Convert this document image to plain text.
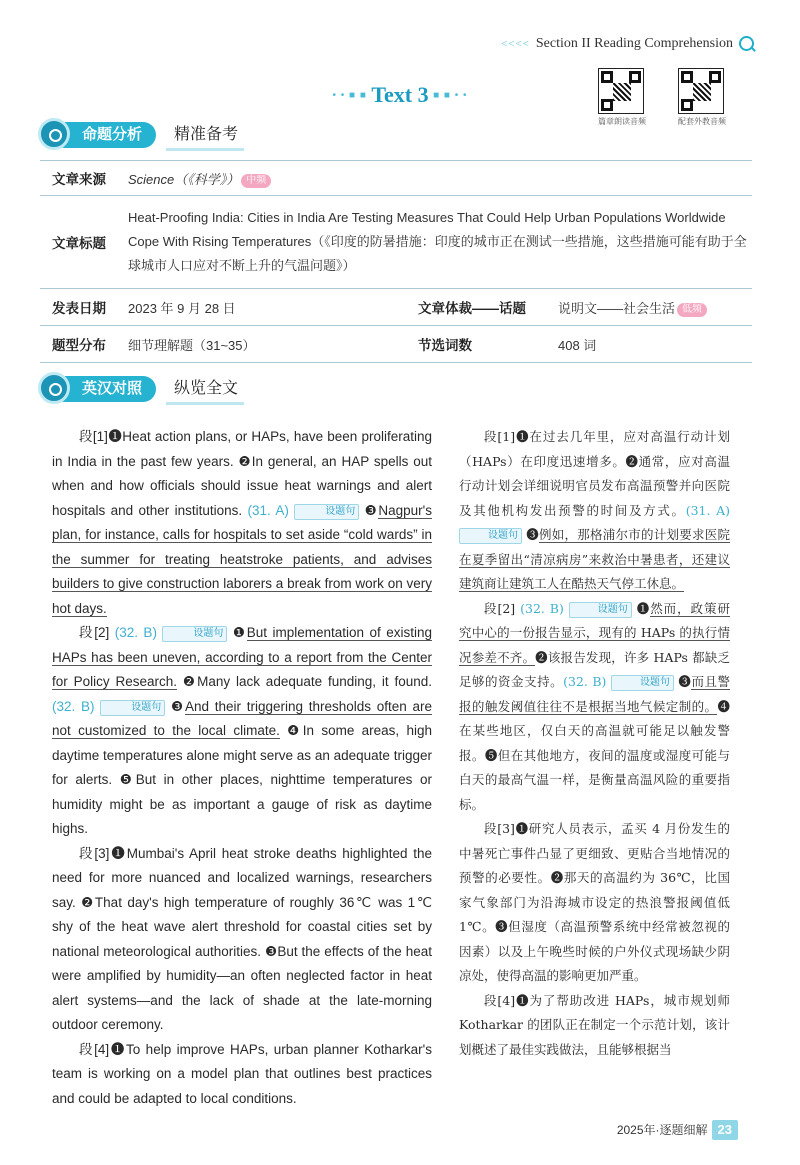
<<<< Section II Reading Comprehension
• • ■ ■ Text 3 ■ ■ • •
篇章朗读音频	配套外教音频
命题分析	精准备考
文章来源	Science（《科学》） 中频
文章标题
Heat-Proofing India: Cities in India Are Testing Measures That Could Help Urban Populations Worldwide Cope With Rising Temperatures（《印度的防暑措施：印度的城市正在测试一些措施，这些措施可能有助于全球城市人口应对不断上升的气温问题》）
发表日期	2023 年 9 月 28 日	文章体裁——话题	说明文——社会生活 低频
题型分布	细节理解题（31~35）	节选词数	408 词
英汉对照	纵览全文

段[1]❶Heat action plans, or HAPs, have been proliferating in India in the past few years. ❷In general, an HAP spells out when and how officials should issue heat warnings and alert hospitals and other institutions. (31. A)	设题句 ❸Nagpur's plan, for instance, calls for hospitals to set aside “cold wards” in the summer for treating heatstroke patients, and advises builders to give construction laborers a break from work on very hot days.

段[2] (32. B)	设题句 ❶But implementation of existing HAPs has been uneven, according to a report from the Center for Policy Research. ❷Many lack adequate funding, it found. (32. B)	设题句 ❸And their triggering thresholds often are not customized to the local climate. ❹In some areas, high daytime temperatures alone might serve as an adequate trigger for alerts. ❺But in other places, nighttime temperatures or humidity might be as important a gauge of risk as daytime highs.

段[3]❶Mumbai's April heat stroke deaths highlighted the need for more nuanced and localized warnings, researchers say. ❷That day's high temperature of roughly 36℃ was 1℃ shy of the heat wave alert threshold for coastal cities set by national meteorological authorities. ❸But the effects of the heat were amplified by humidity—an often neglected factor in heat alert systems—and the lack of shade at the late-morning outdoor ceremony.

段[4]❶To help improve HAPs, urban planner Kotharkar's team is working on a model plan that outlines best practices and could be adapted to local conditions.

段[1]❶在过去几年里，应对高温行动计划（HAPs）在印度迅速增多。❷通常，应对高温行动计划会详细说明官员发布高温预警并向医院及其他机构发出预警的时间及方式。(31. A) 设题句 ❸例如，那格浦尔市的计划要求医院在夏季留出“清凉病房”来救治中暑患者，还建议建筑商让建筑工人在酷热天气停工休息。

段[2] (32. B)	设题句 ❶然而，政策研究中心的一份报告显示，现有的 HAPs 的执行情况参差不齐。❷该报告发现，许多 HAPs 都缺乏足够的资金支持。(32. B)	设题句 ❸而且警报的触发阈值往往不是根据当地气候定制的。❹在某些地区，仅白天的高温就可能足以触发警报。❺但在其他地方，夜间的温度或湿度可能与白天的最高气温一样，是衡量高温风险的重要指标。

段[3]❶研究人员表示，孟买 4 月份发生的中暑死亡事件凸显了更细致、更贴合当地情况的预警的必要性。❷那天的高温约为 36℃，比国家气象部门为沿海城市设定的热浪警报阈值低 1℃。❸但湿度（高温预警系统中经常被忽视的因素）以及上午晚些时候的户外仪式现场缺少阴凉处，使得高温的影响更加严重。

段[4]❶为了帮助改进 HAPs，城市规划师 Kotharkar 的团队正在制定一个示范计划，该计划概述了最佳实践做法，且能够根据当

2025年·逐题细解 23
